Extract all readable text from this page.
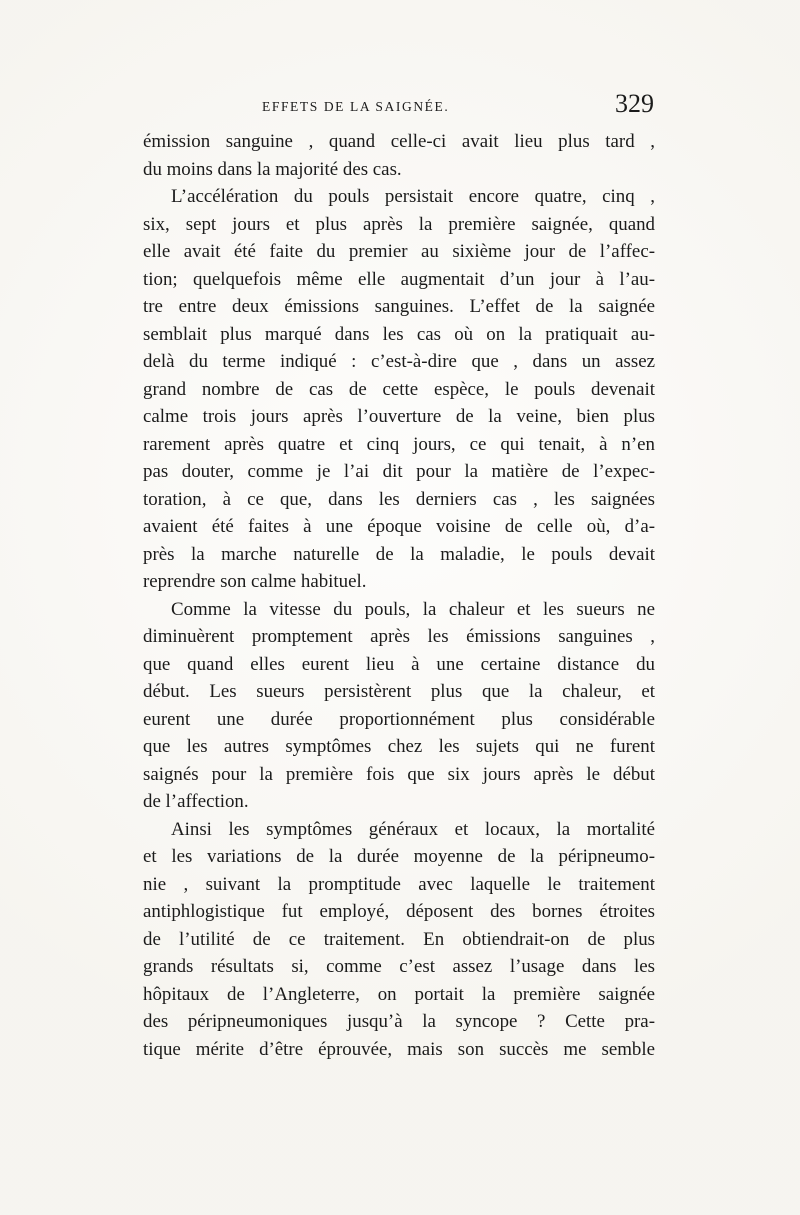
EFFETS DE LA SAIGNÉE.	329
émission sanguine , quand celle-ci avait lieu plus tard ,
du moins dans la majorité des cas.
L’accélération du pouls persistait encore quatre, cinq ,
six, sept jours et plus après la première saignée, quand
elle avait été faite du premier au sixième jour de l’affec-
tion; quelquefois même elle augmentait d’un jour à l’au-
tre entre deux émissions sanguines. L’effet de la saignée
semblait plus marqué dans les cas où on la pratiquait au-
delà du terme indiqué : c’est-à-dire que , dans un assez
grand nombre de cas de cette espèce, le pouls devenait
calme trois jours après l’ouverture de la veine, bien plus
rarement après quatre et cinq jours, ce qui tenait, à n’en
pas douter, comme je l’ai dit pour la matière de l’expec-
toration, à ce que, dans les derniers cas , les saignées
avaient été faites à une époque voisine de celle où, d’a-
près la marche naturelle de la maladie, le pouls devait
reprendre son calme habituel.
Comme la vitesse du pouls, la chaleur et les sueurs ne
diminuèrent promptement après les émissions sanguines ,
que quand elles eurent lieu à une certaine distance du
début. Les sueurs persistèrent plus que la chaleur, et
eurent une durée proportionnément plus considérable
que les autres symptômes chez les sujets qui ne furent
saignés pour la première fois que six jours après le début
de l’affection.
Ainsi les symptômes généraux et locaux, la mortalité
et les variations de la durée moyenne de la péripneumo-
nie , suivant la promptitude avec laquelle le traitement
antiphlogistique fut employé, déposent des bornes étroites
de l’utilité de ce traitement. En obtiendrait-on de plus
grands résultats si, comme c’est assez l’usage dans les
hôpitaux de l’Angleterre, on portait la première saignée
des péripneumoniques jusqu’à la syncope ? Cette pra-
tique mérite d’être éprouvée, mais son succès me semble
